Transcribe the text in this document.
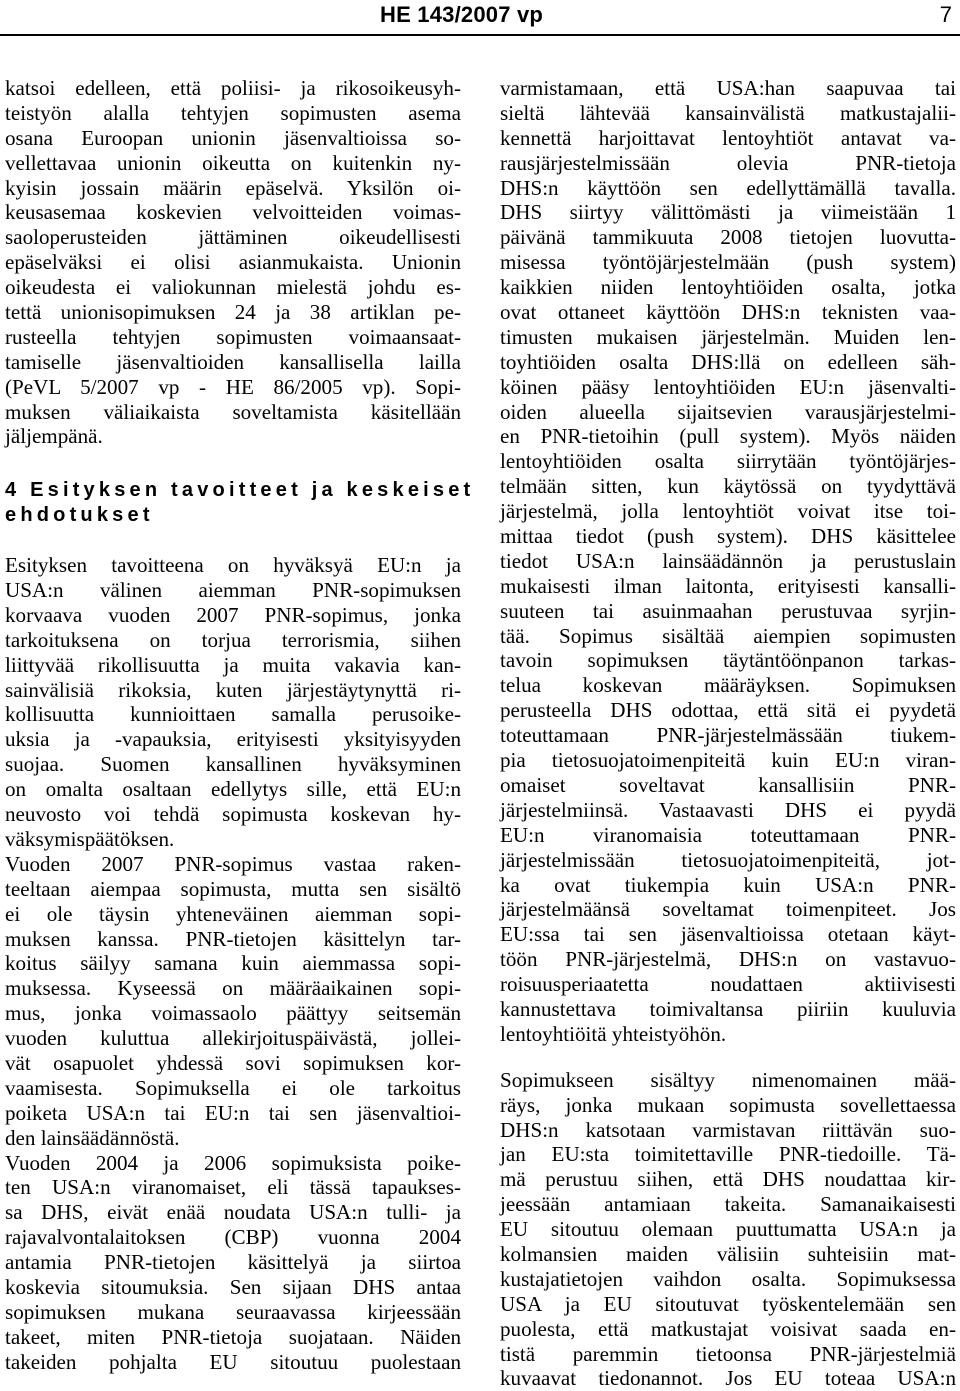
HE 143/2007 vp	7
katsoi edelleen, että poliisi- ja rikosoikeusyh-
teistyön alalla tehtyjen sopimusten asema
osana Euroopan unionin jäsenvaltioissa so-
vellettavaa unionin oikeutta on kuitenkin ny-
kyisin jossain määrin epäselvä. Yksilön oi-
keusasemaa koskevien velvoitteiden voimas-
saoloperusteiden jättäminen oikeudellisesti
epäselväksi ei olisi asianmukaista. Unionin
oikeudesta ei valiokunnan mielestä johdu es-
tettä unionisopimuksen 24 ja 38 artiklan pe-
rusteella tehtyjen sopimusten voimaansaat-
tamiselle jäsenvaltioiden kansallisella lailla
(PeVL 5/2007 vp - HE 86/2005 vp). Sopi-
muksen väliaikaista soveltamista käsitellään
jäljempänä.
4 Esityksen tavoitteet ja keskeiset
ehdotukset
Esityksen tavoitteena on hyväksyä EU:n ja
USA:n välinen aiemman PNR-sopimuksen
korvaava vuoden 2007 PNR-sopimus, jonka
tarkoituksena on torjua terrorismia, siihen
liittyvää rikollisuutta ja muita vakavia kan-
sainvälisiä rikoksia, kuten järjestäytynyttä ri-
kollisuutta kunnioittaen samalla perusoike-
uksia ja -vapauksia, erityisesti yksityisyyden
suojaa. Suomen kansallinen hyväksyminen
on omalta osaltaan edellytys sille, että EU:n
neuvosto voi tehdä sopimusta koskevan hy-
väksymispäätöksen.
Vuoden 2007 PNR-sopimus vastaa raken-
teeltaan aiempaa sopimusta, mutta sen sisältö
ei ole täysin yhteneväinen aiemman sopi-
muksen kanssa. PNR-tietojen käsittelyn tar-
koitus säilyy samana kuin aiemmassa sopi-
muksessa. Kyseessä on määräaikainen sopi-
mus, jonka voimassaolo päättyy seitsemän
vuoden kuluttua allekirjoituspäivästä, jollei-
vät osapuolet yhdessä sovi sopimuksen kor-
vaamisesta. Sopimuksella ei ole tarkoitus
poiketa USA:n tai EU:n tai sen jäsenvaltioi-
den lainsäädännöstä.
Vuoden 2004 ja 2006 sopimuksista poike-
ten USA:n viranomaiset, eli tässä tapaukses-
sa DHS, eivät enää noudata USA:n tulli- ja
rajavalvontalaitoksen (CBP) vuonna 2004
antamia PNR-tietojen käsittelyä ja siirtoa
koskevia sitoumuksia. Sen sijaan DHS antaa
sopimuksen mukana seuraavassa kirjeessään
takeet, miten PNR-tietoja suojataan. Näiden
takeiden pohjalta EU sitoutuu puolestaan
varmistamaan, että USA:han saapuvaa tai
sieltä lähtevää kansainvälistä matkustajalii-
kennettä harjoittavat lentoyhtiöt antavat va-
rausjärjestelmissään olevia PNR-tietoja
DHS:n käyttöön sen edellyttämällä tavalla.
DHS siirtyy välittömästi ja viimeistään 1
päivänä tammikuuta 2008 tietojen luovutta-
misessa työntöjärjestelmään (push system)
kaikkien niiden lentoyhtiöiden osalta, jotka
ovat ottaneet käyttöön DHS:n teknisten vaa-
timusten mukaisen järjestelmän. Muiden len-
toyhtiöiden osalta DHS:llä on edelleen säh-
köinen pääsy lentoyhtiöiden EU:n jäsenvalti-
oiden alueella sijaitsevien varausjärjestelmi-
en PNR-tietoihin (pull system). Myös näiden
lentoyhtiöiden osalta siirrytään työntöjärjes-
telmään sitten, kun käytössä on tyydyttävä
järjestelmä, jolla lentoyhtiöt voivat itse toi-
mittaa tiedot (push system). DHS käsittelee
tiedot USA:n lainsäädännön ja perustuslain
mukaisesti ilman laitonta, erityisesti kansalli-
suuteen tai asuinmaahan perustuvaa syrjin-
tää. Sopimus sisältää aiempien sopimusten
tavoin sopimuksen täytäntöönpanon tarkas-
telua koskevan määräyksen. Sopimuksen
perusteella DHS odottaa, että sitä ei pyydetä
toteuttamaan PNR-järjestelmässään tiukem-
pia tietosuojatoimenpiteitä kuin EU:n viran-
omaiset soveltavat kansallisiin PNR-
järjestelmiinsä. Vastaavasti DHS ei pyydä
EU:n viranomaisia toteuttamaan PNR-
järjestelmissään tietosuojatoimenpiteitä, jot-
ka ovat tiukempia kuin USA:n PNR-
järjestelmäänsä soveltamat toimenpiteet. Jos
EU:ssa tai sen jäsenvaltioissa otetaan käyt-
töön PNR-järjestelmä, DHS:n on vastavuo-
roisuusperiaatetta noudattaen aktiivisesti
kannustettava toimivaltansa piiriin kuuluvia
lentoyhtiöitä yhteistyöhön.
Sopimukseen sisältyy nimenomainen mää-
räys, jonka mukaan sopimusta sovellettaessa
DHS:n katsotaan varmistavan riittävän suo-
jan EU:sta toimitettaville PNR-tiedoille. Tä-
mä perustuu siihen, että DHS noudattaa kir-
jeessään antamiaan takeita. Samanaikaisesti
EU sitoutuu olemaan puuttumatta USA:n ja
kolmansien maiden välisiin suhteisiin mat-
kustajatietojen vaihdon osalta. Sopimuksessa
USA ja EU sitoutuvat työskentelemään sen
puolesta, että matkustajat voisivat saada en-
tistä paremmin tietoonsa PNR-järjestelmiä
kuvaavat tiedonannot. Jos EU toteaa USA:n
